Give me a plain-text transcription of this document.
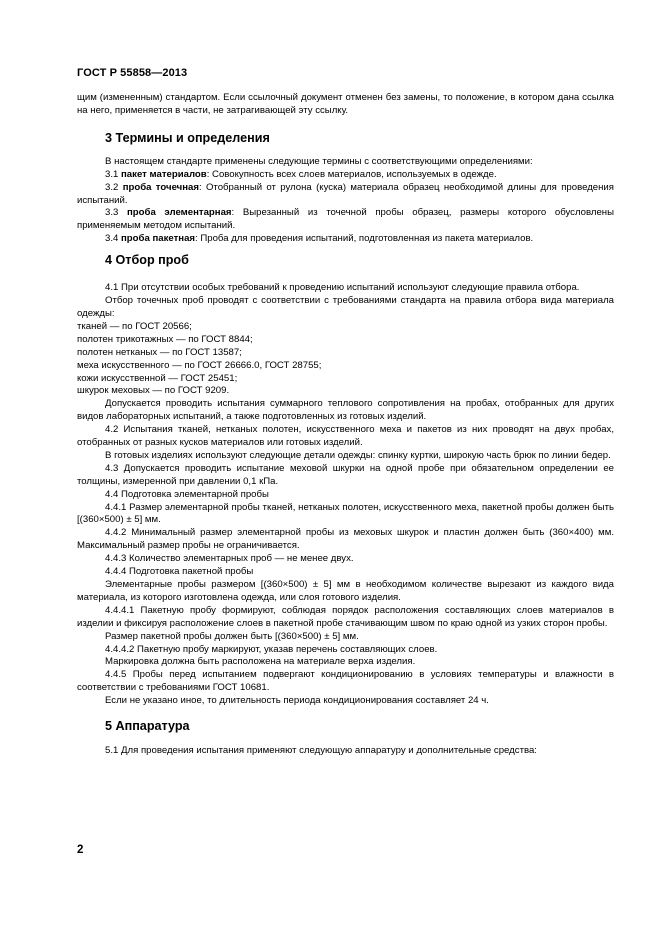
ГОСТ Р 55858—2013

щим (измененным) стандартом. Если ссылочный документ отменен без замены, то положение, в котором дана ссылка на него, применяется в части, не затрагивающей эту ссылку.

3 Термины и определения

В настоящем стандарте применены следующие термины с соответствующими определениями:

3.1 пакет материалов: Совокупность всех слоев материалов, используемых в одежде.

3.2 проба точечная: Отобранный от рулона (куска) материала образец необходимой длины для проведения испытаний.

3.3 проба элементарная: Вырезанный из точечной пробы образец, размеры которого обусловлены применяемым методом испытаний.

3.4 проба пакетная: Проба для проведения испытаний, подготовленная из пакета материалов.

4 Отбор проб

4.1 При отсутствии особых требований к проведению испытаний используют следующие правила отбора.

Отбор точечных проб проводят с соответствии с требованиями стандарта на правила отбора вида материала одежды:

тканей — по ГОСТ 20566;

полотен трикотажных — по ГОСТ 8844;

полотен нетканых — по ГОСТ 13587;

меха искусственного — по ГОСТ 26666.0, ГОСТ 28755;

кожи искусственной — ГОСТ 25451;

шкурок меховых — по ГОСТ 9209.

Допускается проводить испытания суммарного теплового сопротивления на пробах, отобранных для других видов лабораторных испытаний, а также подготовленных из готовых изделий.

4.2 Испытания тканей, нетканых полотен, искусственного меха и пакетов из них проводят на двух пробах, отобранных от разных кусков материалов или готовых изделий.

В готовых изделиях используют следующие детали одежды: спинку куртки, широкую часть брюк по линии бедер.

4.3 Допускается проводить испытание меховой шкурки на одной пробе при обязательном определении ее толщины, измеренной при давлении 0,1 кПа.

4.4 Подготовка элементарной пробы

4.4.1 Размер элементарной пробы тканей, нетканых полотен, искусственного меха, пакетной пробы должен быть [(360×500) ± 5] мм.

4.4.2 Минимальный размер элементарной пробы из меховых шкурок и пластин должен быть (360×400) мм. Максимальный размер пробы не ограничивается.

4.4.3 Количество элементарных проб — не менее двух.

4.4.4 Подготовка пакетной пробы

Элементарные пробы размером [(360×500) ± 5] мм в необходимом количестве вырезают из каждого вида материала, из которого изготовлена одежда, или слоя готового изделия.

4.4.4.1 Пакетную пробу формируют, соблюдая порядок расположения составляющих слоев материалов в изделии и фиксируя расположение слоев в пакетной пробе стачивающим швом по краю одной из узких сторон пробы.

Размер пакетной пробы должен быть [(360×500) ± 5] мм.

4.4.4.2 Пакетную пробу маркируют, указав перечень составляющих слоев.

Маркировка должна быть расположена на материале верха изделия.

4.4.5 Пробы перед испытанием подвергают кондиционированию в условиях температуры и влажности в соответствии с требованиями ГОСТ 10681.

Если не указано иное, то длительность периода кондиционирования составляет 24 ч.

5 Аппаратура

5.1 Для проведения испытания применяют следующую аппаратуру и дополнительные средства:

2
